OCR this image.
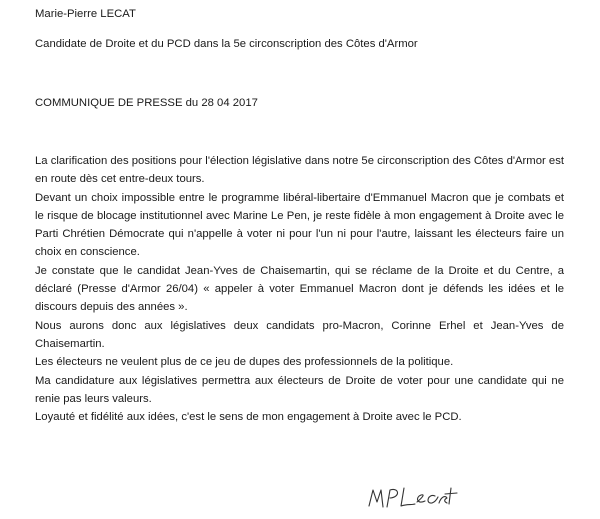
Marie-Pierre LECAT
Candidate de Droite et du PCD dans la 5e circonscription des Côtes d'Armor
COMMUNIQUE DE PRESSE du 28 04 2017
La clarification des positions pour l'élection législative dans notre 5e circonscription des Côtes d'Armor est en route dès cet entre-deux tours.
Devant un choix impossible entre le programme libéral-libertaire d'Emmanuel Macron que je combats et le risque de blocage institutionnel avec Marine Le Pen, je reste fidèle à mon engagement à Droite avec le Parti Chrétien Démocrate qui n'appelle à voter ni pour l'un ni pour l'autre, laissant les électeurs faire un choix en conscience.
Je constate que le candidat Jean-Yves de Chaisemartin, qui se réclame de la Droite et du Centre, a déclaré (Presse d'Armor 26/04) « appeler à voter Emmanuel Macron dont je défends les idées et le discours depuis des années ».
Nous aurons donc aux législatives deux candidats pro-Macron, Corinne Erhel et Jean-Yves de Chaisemartin.
Les électeurs ne veulent plus de ce jeu de dupes des professionnels de la politique.
Ma candidature aux législatives permettra aux électeurs de Droite de voter pour une candidate qui ne renie pas leurs valeurs.
Loyauté et fidélité aux idées, c'est le sens de mon engagement à Droite avec le PCD.
